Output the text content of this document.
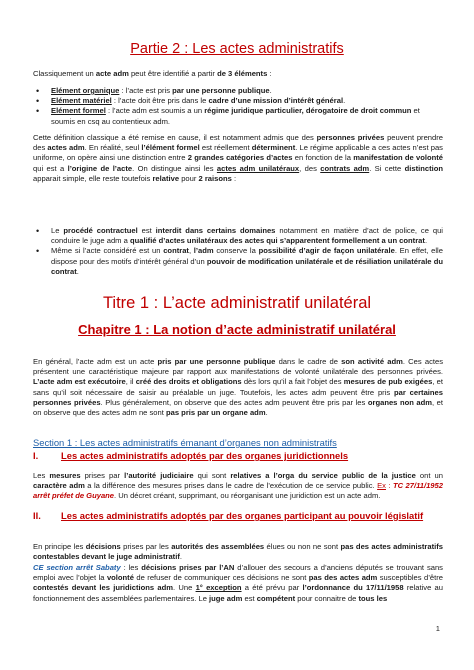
Partie 2 : Les actes administratifs
Classiquement un acte adm peut être identifié a partir de 3 éléments :
• Elément organique : l’acte est pris par une personne publique.
• Elément matériel : l’acte doit être pris dans le cadre d’une mission d’intérêt général.
• Elément formel : l’acte adm est soumis a un régime juridique particulier, dérogatoire de droit commun et soumis en csq au contentieux adm.
Cette définition classique a été remise en cause, il est notamment admis que des personnes privées peuvent prendre des actes adm. En réalité, seul l’élément formel est réellement déterminent. Le régime applicable a ces actes n’est pas uniforme, on opère ainsi une distinction entre 2 grandes catégories d’actes en fonction de la manifestation de volonté qui est a l’origine de l’acte. On distingue ainsi les actes adm unilatéraux, des contrats adm. Si cette distinction apparait simple, elle reste toutefois relative pour 2 raisons :
• Le procédé contractuel est interdit dans certains domaines notamment en matière d’act de police, ce qui conduire le juge adm a qualifié d’actes unilatéraux des actes qui s’apparentent formellement a un contrat.
• Même si l’acte considéré est un contrat, l’adm conserve la possibilité d’agir de façon unilatérale. En effet, elle dispose pour des motifs d’intérêt général d’un pouvoir de modification unilatérale et de résiliation unilatérale du contrat.
Titre 1 : L’acte administratif unilatéral
Chapitre 1 : La notion d’acte administratif unilatéral
En général, l’acte adm est un acte pris par une personne publique dans le cadre de son activité adm. Ces actes présentent une caractéristique majeure par rapport aux manifestations de volonté unilatérale des personnes privées. L’acte adm est exécutoire, il créé des droits et obligations dès lors qu’il a fait l’objet des mesures de pub exigées, et sans qu’il soit nécessaire de saisir au préalable un juge. Toutefois, les actes adm peuvent être pris par certaines personnes privées. Plus généralement, on observe que des actes adm peuvent être pris par les organes non adm, et on observe que des actes adm ne sont pas pris par un organe adm.
Section 1 : Les actes administratifs émanant d’organes non administratifs
I. Les actes administratifs adoptés par des organes juridictionnels
Les mesures prises par l’autorité judiciaire qui sont relatives a l’orga du service public de la justice ont un caractère adm a la différence des mesures prises dans le cadre de l’exécution de ce service public. Ex : TC 27/11/1952 arrêt préfet de Guyane. Un décret créant, supprimant, ou réorganisant une juridiction est un acte adm.
II. Les actes administratifs adoptés par des organes participant au pouvoir législatif
En principe les décisions prises par les autorités des assemblées élues ou non ne sont pas des actes administratifs contestables devant le juge administratif.
CE section arrêt Sabaty : les décisions prises par l’AN d’allouer des secours a d’anciens députés se trouvant sans emploi avec l’objet la volonté de refuser de communiquer ces décisions ne sont pas des actes adm susceptibles d’être contestés devant les juridictions adm. Une 1° exception a été prévu par l’ordonnance du 17/11/1958 relative au fonctionnement des assemblées parlementaires. Le juge adm est compétent pour connaitre de tous les
1
